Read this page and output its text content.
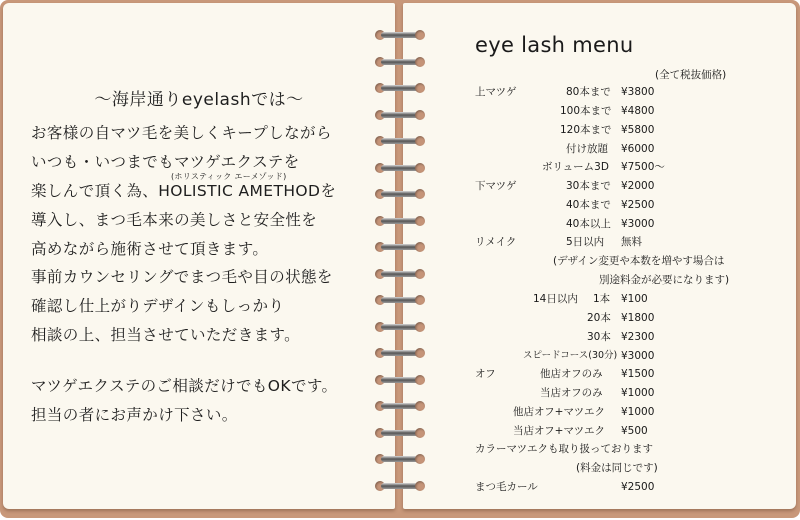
〜海岸通りeyelashでは〜
お客様の自マツ毛を美しくキープしながら
いつも・いつまでもマツゲエクステを
(ホリスティック エーメゾッド)
楽しんで頂く為、HOLISTIC AMETHODを
導入し、まつ毛本来の美しさと安全性を
高めながら施術させて頂きます。
事前カウンセリングでまつ毛や目の状態を
確認し仕上がりデザインもしっかり
相談の上、担当させていただきます。
マツゲエクステのご相談だけでもOKです。
担当の者にお声かけ下さい。
eye lash menu
(全て税抜価格)
上マツゲ	80本まで ¥3800
100本まで ¥4800
120本まで ¥5800
付け放題 ¥6000
ボリューム3D ¥7500〜
下マツゲ	30本まで ¥2000
40本まで ¥2500
40本以上 ¥3000
リメイク	5日以内 無料
(デザイン変更や本数を増やす場合は
別途料金が必要になります)
14日以内 1本 ¥100
20本 ¥1800
30本 ¥2300
スピードコース(30分) ¥3000
オフ	他店オフのみ ¥1500
当店オフのみ ¥1000
他店オフ+マツエク ¥1000
当店オフ+マツエク ¥500
カラーマツエクも取り扱っております
(料金は同じです)
まつ毛カール	¥2500
